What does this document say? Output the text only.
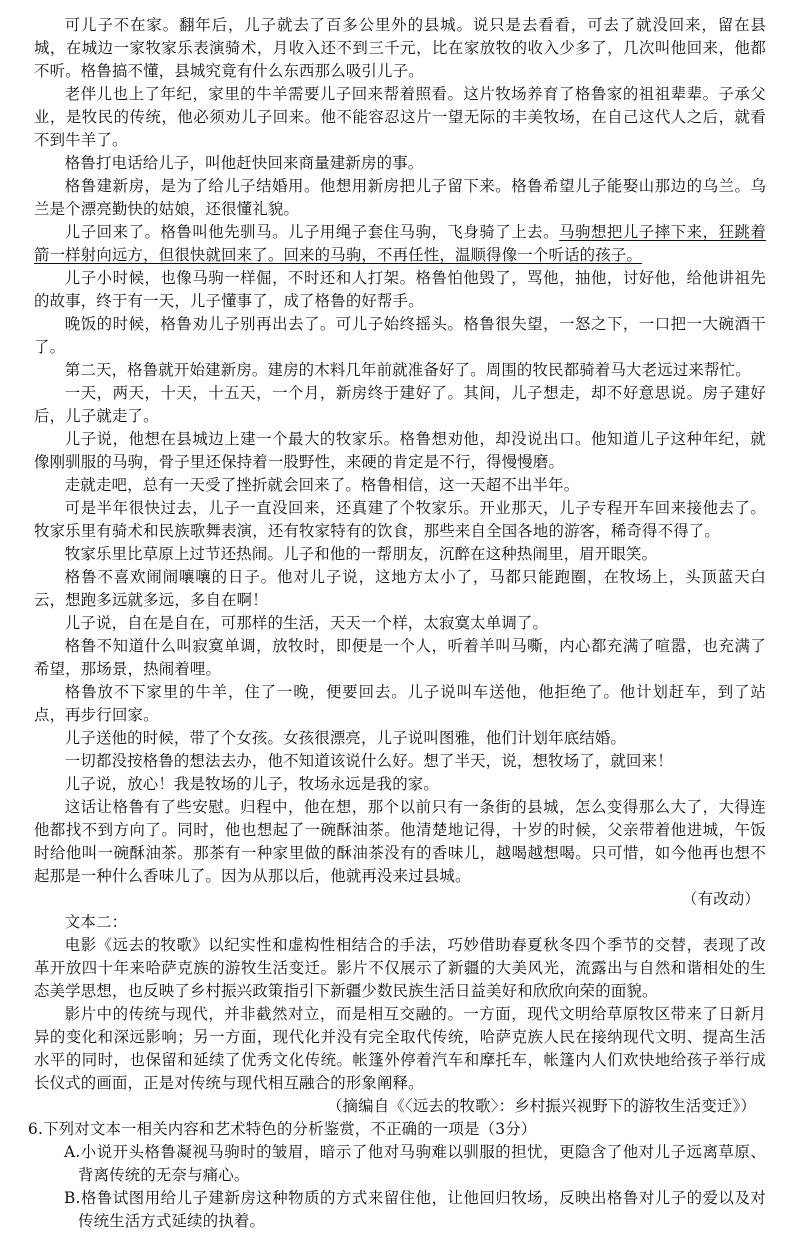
可儿子不在家。翻年后，儿子就去了百多公里外的县城。说只是去看看，可去了就没回来，留在县城，在城边一家牧家乐表演骑术，月收入还不到三千元，比在家放牧的收入少多了，几次叫他回来，他都不听。格鲁搞不懂，县城究竟有什么东西那么吸引儿子。

老伴儿也上了年纪，家里的牛羊需要儿子回来帮着照看。这片牧场养育了格鲁家的祖祖辈辈。子承父业，是牧民的传统，他必须劝儿子回来。他不能容忍这片一望无际的丰美牧场，在自己这代人之后，就看不到牛羊了。

格鲁打电话给儿子，叫他赶快回来商量建新房的事。

格鲁建新房，是为了给儿子结婚用。他想用新房把儿子留下来。格鲁希望儿子能娶山那边的乌兰。乌兰是个漂亮勤快的姑娘，还很懂礼貌。

儿子回来了。格鲁叫他先驯马。儿子用绳子套住马驹，飞身骑了上去。马驹想把儿子摔下来，狂跳着箭一样射向远方，但很快就回来了。回来的马驹，不再任性，温顺得像一个听话的孩子。

儿子小时候，也像马驹一样倔，不时还和人打架。格鲁怕他毁了，骂他，抽他，讨好他，给他讲祖先的故事，终于有一天，儿子懂事了，成了格鲁的好帮手。

晚饭的时候，格鲁劝儿子别再出去了。可儿子始终摇头。格鲁很失望，一怒之下，一口把一大碗酒干了。

第二天，格鲁就开始建新房。建房的木料几年前就准备好了。周围的牧民都骑着马大老远过来帮忙。

一天，两天，十天，十五天，一个月，新房终于建好了。其间，儿子想走，却不好意思说。房子建好后，儿子就走了。

儿子说，他想在县城边上建一个最大的牧家乐。格鲁想劝他，却没说出口。他知道儿子这种年纪，就像刚驯服的马驹，骨子里还保持着一股野性，来硬的肯定是不行，得慢慢磨。

走就走吧，总有一天受了挫折就会回来了。格鲁相信，这一天超不出半年。

可是半年很快过去，儿子一直没回来，还真建了个牧家乐。开业那天，儿子专程开车回来接他去了。牧家乐里有骑术和民族歌舞表演，还有牧家特有的饮食，那些来自全国各地的游客，稀奇得不得了。

牧家乐里比草原上过节还热闹。儿子和他的一帮朋友，沉醉在这种热闹里，眉开眼笑。

格鲁不喜欢闹闹嚷嚷的日子。他对儿子说，这地方太小了，马都只能跑圈，在牧场上，头顶蓝天白云，想跑多远就多远，多自在啊！

儿子说，自在是自在，可那样的生活，天天一个样，太寂寞太单调了。

格鲁不知道什么叫寂寞单调，放牧时，即便是一个人，听着羊叫马嘶，内心都充满了喧嚣，也充满了希望，那场景，热闹着哩。

格鲁放不下家里的牛羊，住了一晚，便要回去。儿子说叫车送他，他拒绝了。他计划赶车，到了站点，再步行回家。

儿子送他的时候，带了个女孩。女孩很漂亮，儿子说叫图雅，他们计划年底结婚。

一切都没按格鲁的想法去办，他不知道该说什么好。想了半天，说，想牧场了，就回来！

儿子说，放心！我是牧场的儿子，牧场永远是我的家。

这话让格鲁有了些安慰。归程中，他在想，那个以前只有一条街的县城，怎么变得那么大了，大得连他都找不到方向了。同时，他也想起了一碗酥油茶。他清楚地记得，十岁的时候，父亲带着他进城，午饭时给他叫一碗酥油茶。那茶有一种家里做的酥油茶没有的香味儿，越喝越想喝。只可惜，如今他再也想不起那是一种什么香味儿了。因为从那以后，他就再没来过县城。

（有改动）

文本二：

电影《远去的牧歌》以纪实性和虚构性相结合的手法，巧妙借助春夏秋冬四个季节的交替，表现了改革开放四十年来哈萨克族的游牧生活变迁。影片不仅展示了新疆的大美风光，流露出与自然和谐相处的生态美学思想，也反映了乡村振兴政策指引下新疆少数民族生活日益美好和欣欣向荣的面貌。

影片中的传统与现代，并非截然对立，而是相互交融的。一方面，现代文明给草原牧区带来了日新月异的变化和深远影响；另一方面，现代化并没有完全取代传统，哈萨克族人民在接纳现代文明、提高生活水平的同时，也保留和延续了优秀文化传统。帐篷外停着汽车和摩托车，帐篷内人们欢快地给孩子举行成长仪式的画面，正是对传统与现代相互融合的形象阐释。

（摘编自《〈远去的牧歌〉：乡村振兴视野下的游牧生活变迁》）

6.下列对文本一相关内容和艺术特色的分析鉴赏，不正确的一项是（3分）

A.小说开头格鲁凝视马驹时的皱眉，暗示了他对马驹难以驯服的担忧，更隐含了他对儿子远离草原、背离传统的无奈与痛心。

B.格鲁试图用给儿子建新房这种物质的方式来留住他，让他回归牧场，反映出格鲁对儿子的爱以及对传统生活方式延续的执着。
